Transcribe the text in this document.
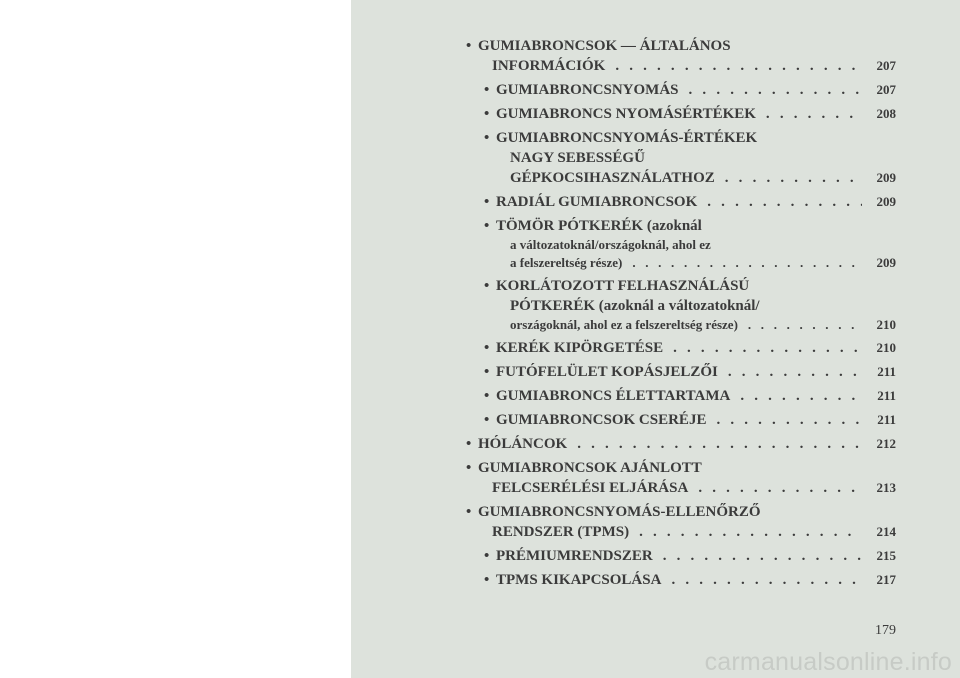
• GUMIABRONCSOK — ÁLTALÁNOS
INFORMÁCIÓK . . .	207
• GUMIABRONCSNYOMÁS . . .	207
• GUMIABRONCS NYOMÁSÉRTÉKEK . . .	208
• GUMIABRONCSNYOMÁS-ÉRTÉKEK
NAGY SEBESSÉGŰ
GÉPKOCSIHASZNÁLATHOZ . . .	209
• RADIÁL GUMIABRONCSOK . . .	209
• TÖMÖR PÓTKERÉK (azoknál
a változatoknál/országoknál, ahol ez
a felszereltség része) . . .	209
• KORLÁTOZOTT FELHASZNÁLÁSÚ
PÓTKERÉK (azoknál a változatoknál/
országoknál, ahol ez a felszereltség része) . . .	210
• KERÉK KIPÖRGETÉSE . . .	210
• FUTÓFELÜLET KOPÁSJELZŐI . . .	211
• GUMIABRONCS ÉLETTARTAMA . . .	211
• GUMIABRONCSOK CSERÉJE . . .	211
• HÓLÁNCOK . . .	212
• GUMIABRONCSOK AJÁNLOTT
FELCSERÉLÉSI ELJÁRÁSA . . .	213
• GUMIABRONCSNYOMÁS-ELLENŐRZŐ
RENDSZER (TPMS) . . .	214
• PRÉMIUMRENDSZER . . .	215
• TPMS KIKAPCSOLÁSA . . .	217
179
carmanualsonline.info
